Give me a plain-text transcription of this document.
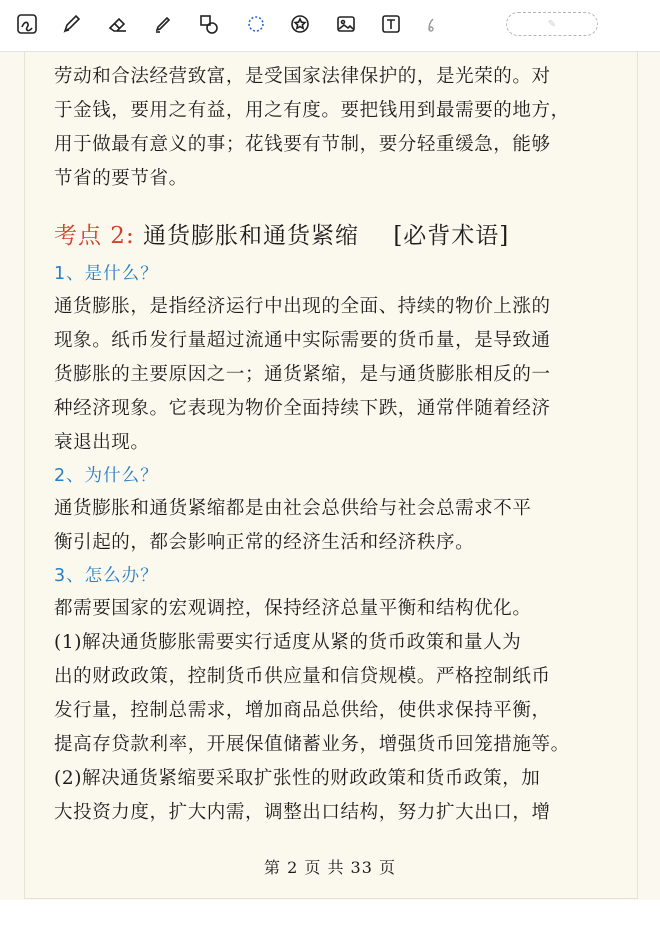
✎
劳动和合法经营致富，是受国家法律保护的，是光荣的。对
于金钱，要用之有益，用之有度。要把钱用到最需要的地方，
用于做最有意义的事；花钱要有节制，要分轻重缓急，能够
节省的要节省。
考点 2: 通货膨胀和通货紧缩 [必背术语]
1、是什么？
通货膨胀，是指经济运行中出现的全面、持续的物价上涨的
现象。纸币发行量超过流通中实际需要的货币量，是导致通
货膨胀的主要原因之一；通货紧缩，是与通货膨胀相反的一
种经济现象。它表现为物价全面持续下跌，通常伴随着经济
衰退出现。
2、为什么？
通货膨胀和通货紧缩都是由社会总供给与社会总需求不平
衡引起的，都会影响正常的经济生活和经济秩序。
3、怎么办？
都需要国家的宏观调控，保持经济总量平衡和结构优化。
(1)解决通货膨胀需要实行适度从紧的货币政策和量人为
出的财政政策，控制货币供应量和信贷规模。严格控制纸币
发行量，控制总需求，增加商品总供给，使供求保持平衡，
提高存贷款利率，开展保值储蓄业务，增强货币回笼措施等。
(2)解决通货紧缩要采取扩张性的财政政策和货币政策，加
大投资力度，扩大内需，调整出口结构，努力扩大出口，增
第 2 页 共 33 页
